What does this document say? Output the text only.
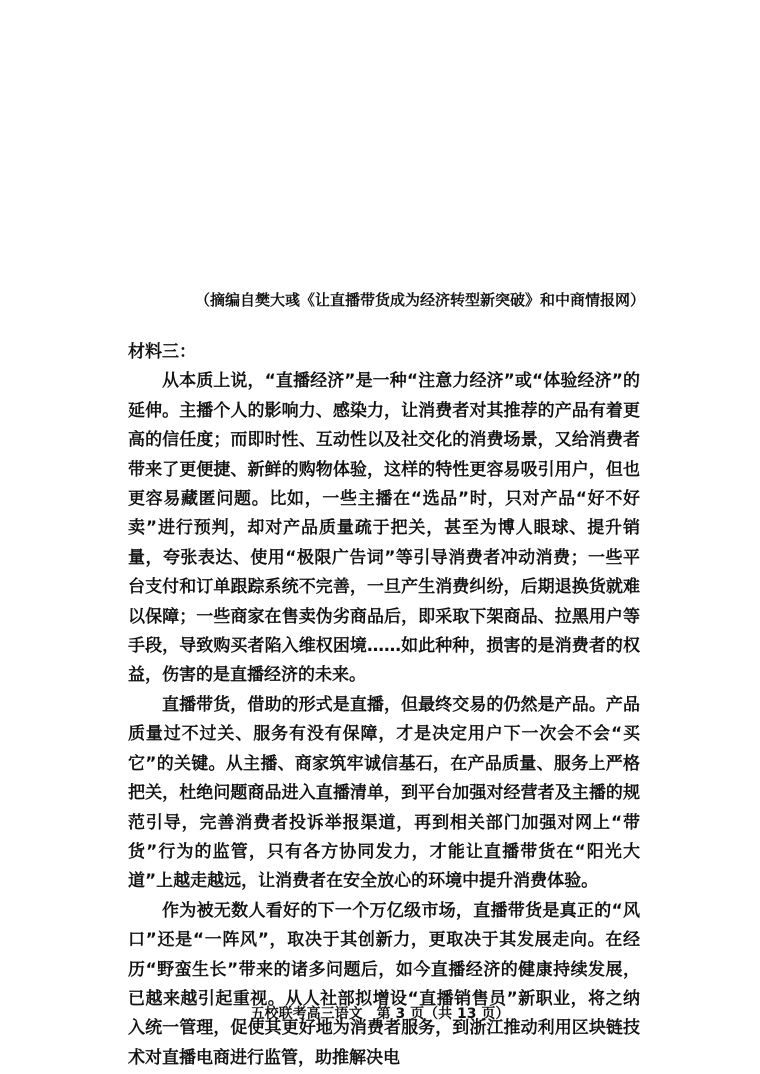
（摘编自樊大彧《让直播带货成为经济转型新突破》和中商情报网）

材料三：

从本质上说，“直播经济”是一种“注意力经济”或“体验经济”的延伸。主播个人的影响力、感染力，让消费者对其推荐的产品有着更高的信任度；而即时性、互动性以及社交化的消费场景，又给消费者带来了更便捷、新鲜的购物体验，这样的特性更容易吸引用户，但也更容易藏匿问题。比如，一些主播在“选品”时，只对产品“好不好卖”进行预判，却对产品质量疏于把关，甚至为博人眼球、提升销量，夸张表达、使用“极限广告词”等引导消费者冲动消费；一些平台支付和订单跟踪系统不完善，一旦产生消费纠纷，后期退换货就难以保障；一些商家在售卖伪劣商品后，即采取下架商品、拉黑用户等手段，导致购买者陷入维权困境……如此种种，损害的是消费者的权益，伤害的是直播经济的未来。

直播带货，借助的形式是直播，但最终交易的仍然是产品。产品质量过不过关、服务有没有保障，才是决定用户下一次会不会“买它”的关键。从主播、商家筑牢诚信基石，在产品质量、服务上严格把关，杜绝问题商品进入直播清单，到平台加强对经营者及主播的规范引导，完善消费者投诉举报渠道，再到相关部门加强对网上“带货”行为的监管，只有各方协同发力，才能让直播带货在“阳光大道”上越走越远，让消费者在安全放心的环境中提升消费体验。

作为被无数人看好的下一个万亿级市场，直播带货是真正的“风口”还是“一阵风”，取决于其创新力，更取决于其发展走向。在经历“野蛮生长”带来的诸多问题后，如今直播经济的健康持续发展，已越来越引起重视。从人社部拟增设“直播销售员”新职业，将之纳入统一管理，促使其更好地为消费者服务，到浙江推动利用区块链技术对直播电商进行监管，助推解决电

五校联考高三语文　第 3 页（共 13 页）
